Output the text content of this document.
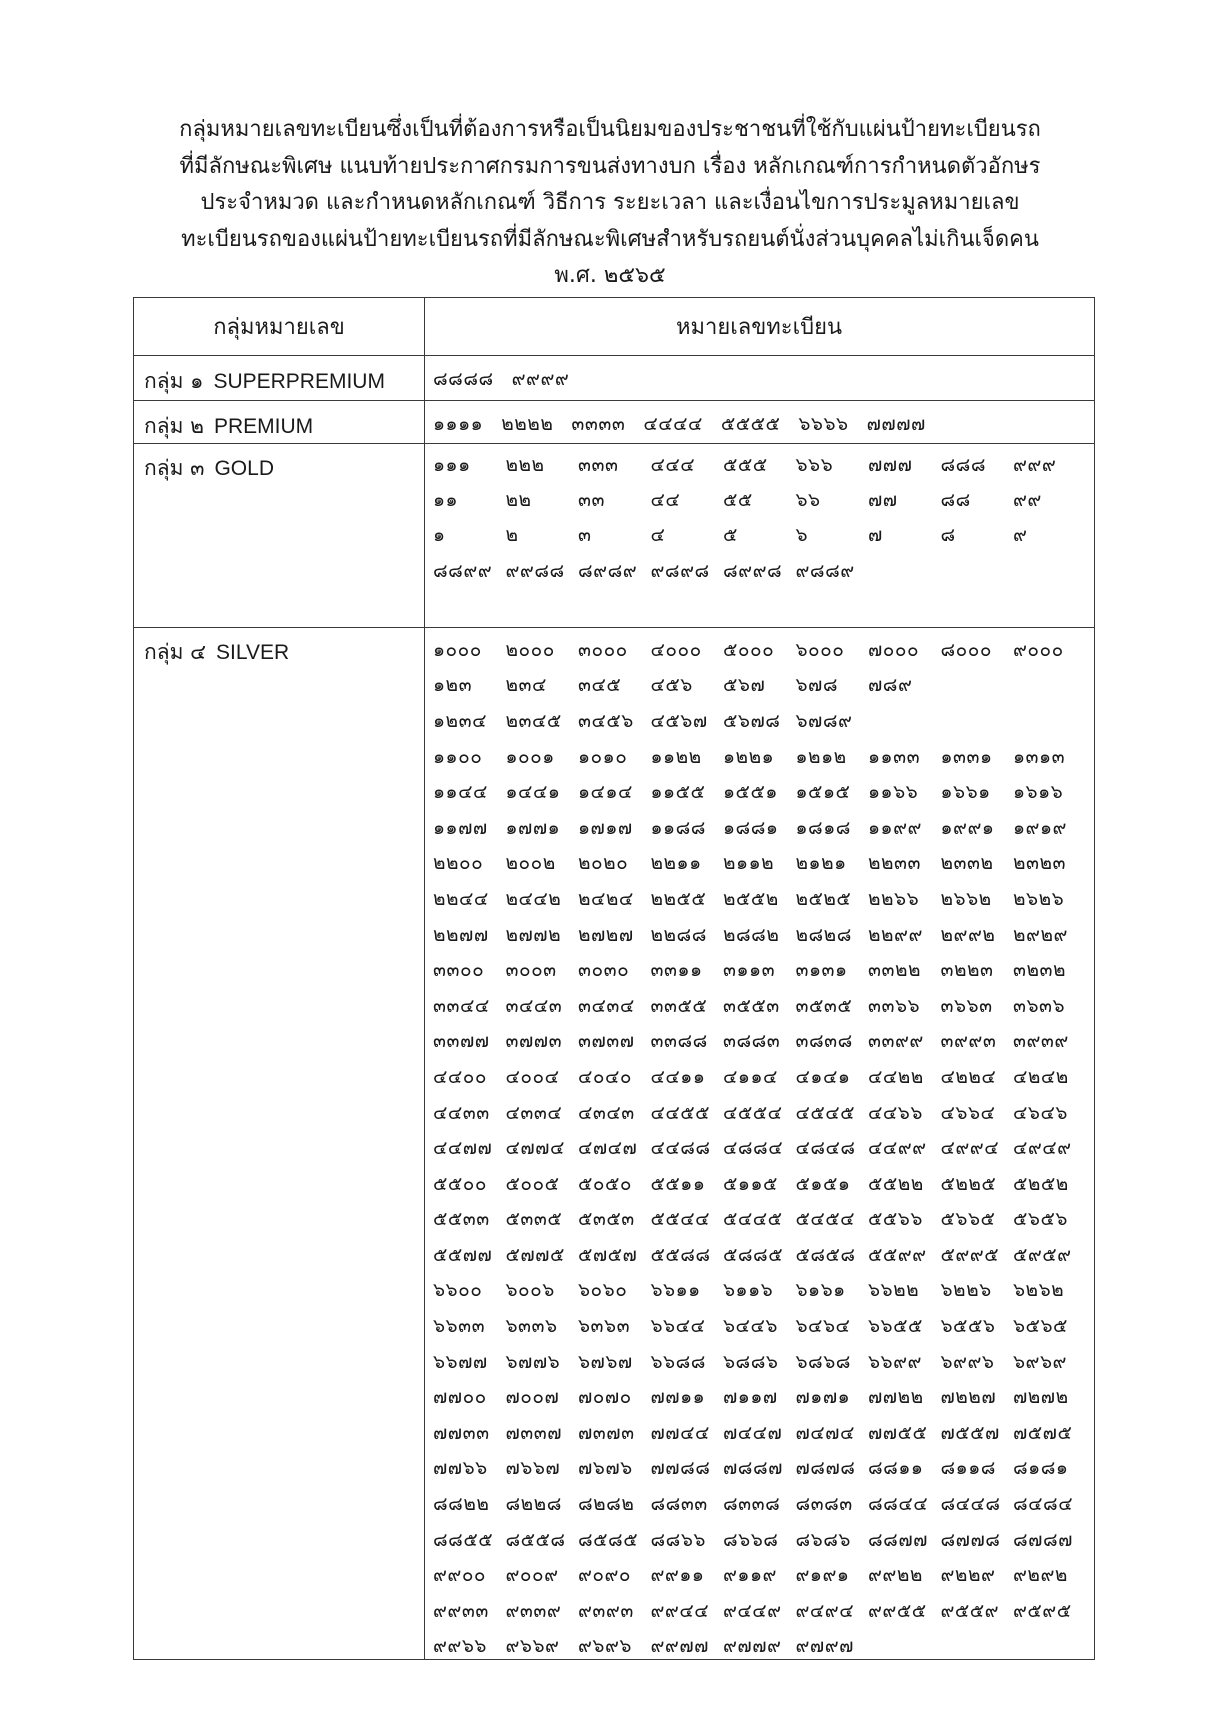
กลุ่มหมายเลขทะเบียนซึ่งเป็นที่ต้องการหรือเป็นนิยมของประชาชนที่ใช้กับแผ่นป้ายทะเบียนรถ
ที่มีลักษณะพิเศษ แนบท้ายประกาศกรมการขนส่งทางบก เรื่อง หลักเกณฑ์การกำหนดตัวอักษร
ประจำหมวด และกำหนดหลักเกณฑ์ วิธีการ ระยะเวลา และเงื่อนไขการประมูลหมายเลข
ทะเบียนรถของแผ่นป้ายทะเบียนรถที่มีลักษณะพิเศษสำหรับรถยนต์นั่งส่วนบุคคลไม่เกินเจ็ดคน
พ.ศ. ๒๕๖๕
กลุ่มหมายเลข	หมายเลขทะเบียน
กลุ่ม ๑ SUPERPREMIUM	๘๘๘๘ ๙๙๙๙
กลุ่ม ๒ PREMIUM	๑๑๑๑ ๒๒๒๒ ๓๓๓๓ ๔๔๔๔ ๕๕๕๕ ๖๖๖๖ ๗๗๗๗
กลุ่ม ๓ GOLD	๑๑๑	๒๒๒	๓๓๓	๔๔๔	๕๕๕	๖๖๖	๗๗๗	๘๘๘	๙๙๙
๑๑	๒๒	๓๓	๔๔	๕๕	๖๖	๗๗	๘๘	๙๙
๑	๒	๓	๔	๕	๖	๗	๘	๙
๘๘๙๙ ๙๙๘๘ ๘๙๘๙ ๙๘๙๘ ๘๙๙๘ ๙๘๘๙
กลุ่ม ๔ SILVER	๑๐๐๐	๒๐๐๐	๓๐๐๐	๔๐๐๐	๕๐๐๐	๖๐๐๐	๗๐๐๐	๘๐๐๐	๙๐๐๐
๑๒๓	๒๓๔	๓๔๕	๔๕๖	๕๖๗	๖๗๘	๗๘๙
๑๒๓๔ ๒๓๔๕ ๓๔๕๖ ๔๕๖๗ ๕๖๗๘ ๖๗๘๙
๑๑๐๐	๑๐๐๑	๑๐๑๐	๑๑๒๒	๑๒๒๑	๑๒๑๒	๑๑๓๓	๑๓๓๑	๑๓๑๓
๑๑๔๔ ๑๔๔๑ ๑๔๑๔ ๑๑๕๕ ๑๕๕๑ ๑๕๑๕ ๑๑๖๖	๑๖๖๑	๑๖๑๖
๑๑๗๗ ๑๗๗๑ ๑๗๑๗ ๑๑๘๘ ๑๘๘๑ ๑๘๑๘ ๑๑๙๙ ๑๙๙๑ ๑๙๑๙
๒๒๐๐	๒๐๐๒	๒๐๒๐	๒๒๑๑	๒๑๑๒	๒๑๒๑	๒๒๓๓	๒๓๓๒	๒๓๒๓
๒๒๔๔ ๒๔๔๒ ๒๔๒๔ ๒๒๕๕ ๒๕๕๒ ๒๕๒๕ ๒๒๖๖	๒๖๖๒	๒๖๒๖
๒๒๗๗ ๒๗๗๒ ๒๗๒๗ ๒๒๘๘ ๒๘๘๒ ๒๘๒๘ ๒๒๙๙ ๒๙๙๒ ๒๙๒๙
๓๓๐๐	๓๐๐๓	๓๐๓๐	๓๓๑๑	๓๑๑๓	๓๑๓๑	๓๓๒๒	๓๒๒๓	๓๒๓๒
๓๓๔๔ ๓๔๔๓ ๓๔๓๔ ๓๓๕๕ ๓๕๕๓ ๓๕๓๕ ๓๓๖๖	๓๖๖๓	๓๖๓๖
๓๓๗๗ ๓๗๗๓ ๓๗๓๗ ๓๓๘๘ ๓๘๘๓ ๓๘๓๘ ๓๓๙๙ ๓๙๙๓ ๓๙๓๙
๔๔๐๐ ๔๐๐๔ ๔๐๔๐ ๔๔๑๑ ๔๑๑๔ ๔๑๔๑ ๔๔๒๒ ๔๒๒๔ ๔๒๔๒
๔๔๓๓ ๔๓๓๔ ๔๓๔๓ ๔๔๕๕ ๔๕๕๔ ๔๕๔๕ ๔๔๖๖ ๔๖๖๔ ๔๖๔๖
๔๔๗๗ ๔๗๗๔ ๔๗๔๗ ๔๔๘๘ ๔๘๘๔ ๔๘๔๘ ๔๔๙๙ ๔๙๙๔ ๔๙๔๙
๕๕๐๐ ๕๐๐๕ ๕๐๕๐ ๕๕๑๑ ๕๑๑๕ ๕๑๕๑ ๕๕๒๒ ๕๒๒๕ ๕๒๕๒
๕๕๓๓ ๕๓๓๕ ๕๓๕๓ ๕๕๔๔ ๕๔๔๕ ๕๔๕๔ ๕๕๖๖ ๕๖๖๕ ๕๖๕๖
๕๕๗๗ ๕๗๗๕ ๕๗๕๗ ๕๕๘๘ ๕๘๘๕ ๕๘๕๘ ๕๕๙๙ ๕๙๙๕ ๕๙๕๙
๖๖๐๐	๖๐๐๖	๖๐๖๐	๖๖๑๑	๖๑๑๖	๖๑๖๑	๖๖๒๒	๖๒๒๖	๖๒๖๒
๖๖๓๓	๖๓๓๖	๖๓๖๓	๖๖๔๔ ๖๔๔๖ ๖๔๖๔ ๖๖๕๕ ๖๕๕๖ ๖๕๖๕
๖๖๗๗ ๖๗๗๖ ๖๗๖๗ ๖๖๘๘ ๖๘๘๖ ๖๘๖๘ ๖๖๙๙ ๖๙๙๖ ๖๙๖๙
๗๗๐๐ ๗๐๐๗ ๗๐๗๐ ๗๗๑๑ ๗๑๑๗ ๗๑๗๑ ๗๗๒๒ ๗๒๒๗ ๗๒๗๒
๗๗๓๓ ๗๓๓๗ ๗๓๗๓ ๗๗๔๔ ๗๔๔๗ ๗๔๗๔ ๗๗๕๕ ๗๕๕๗ ๗๕๗๕
๗๗๖๖ ๗๖๖๗ ๗๖๗๖ ๗๗๘๘ ๗๘๘๗ ๗๘๗๘ ๘๘๑๑ ๘๑๑๘ ๘๑๘๑
๘๘๒๒ ๘๒๒๘ ๘๒๘๒ ๘๘๓๓ ๘๓๓๘ ๘๓๘๓ ๘๘๔๔ ๘๔๔๘ ๘๔๘๔
๘๘๕๕ ๘๕๕๘ ๘๕๘๕ ๘๘๖๖ ๘๖๖๘ ๘๖๘๖ ๘๘๗๗ ๘๗๗๘ ๘๗๘๗
๙๙๐๐	๙๐๐๙	๙๐๙๐	๙๙๑๑ ๙๑๑๙ ๙๑๙๑ ๙๙๒๒ ๙๒๒๙ ๙๒๙๒
๙๙๓๓ ๙๓๓๙ ๙๓๙๓ ๙๙๔๔ ๙๔๔๙ ๙๔๙๔ ๙๙๕๕ ๙๕๕๙ ๙๕๙๕
๙๙๖๖ ๙๖๖๙ ๙๖๙๖ ๙๙๗๗ ๙๗๗๙ ๙๗๙๗
